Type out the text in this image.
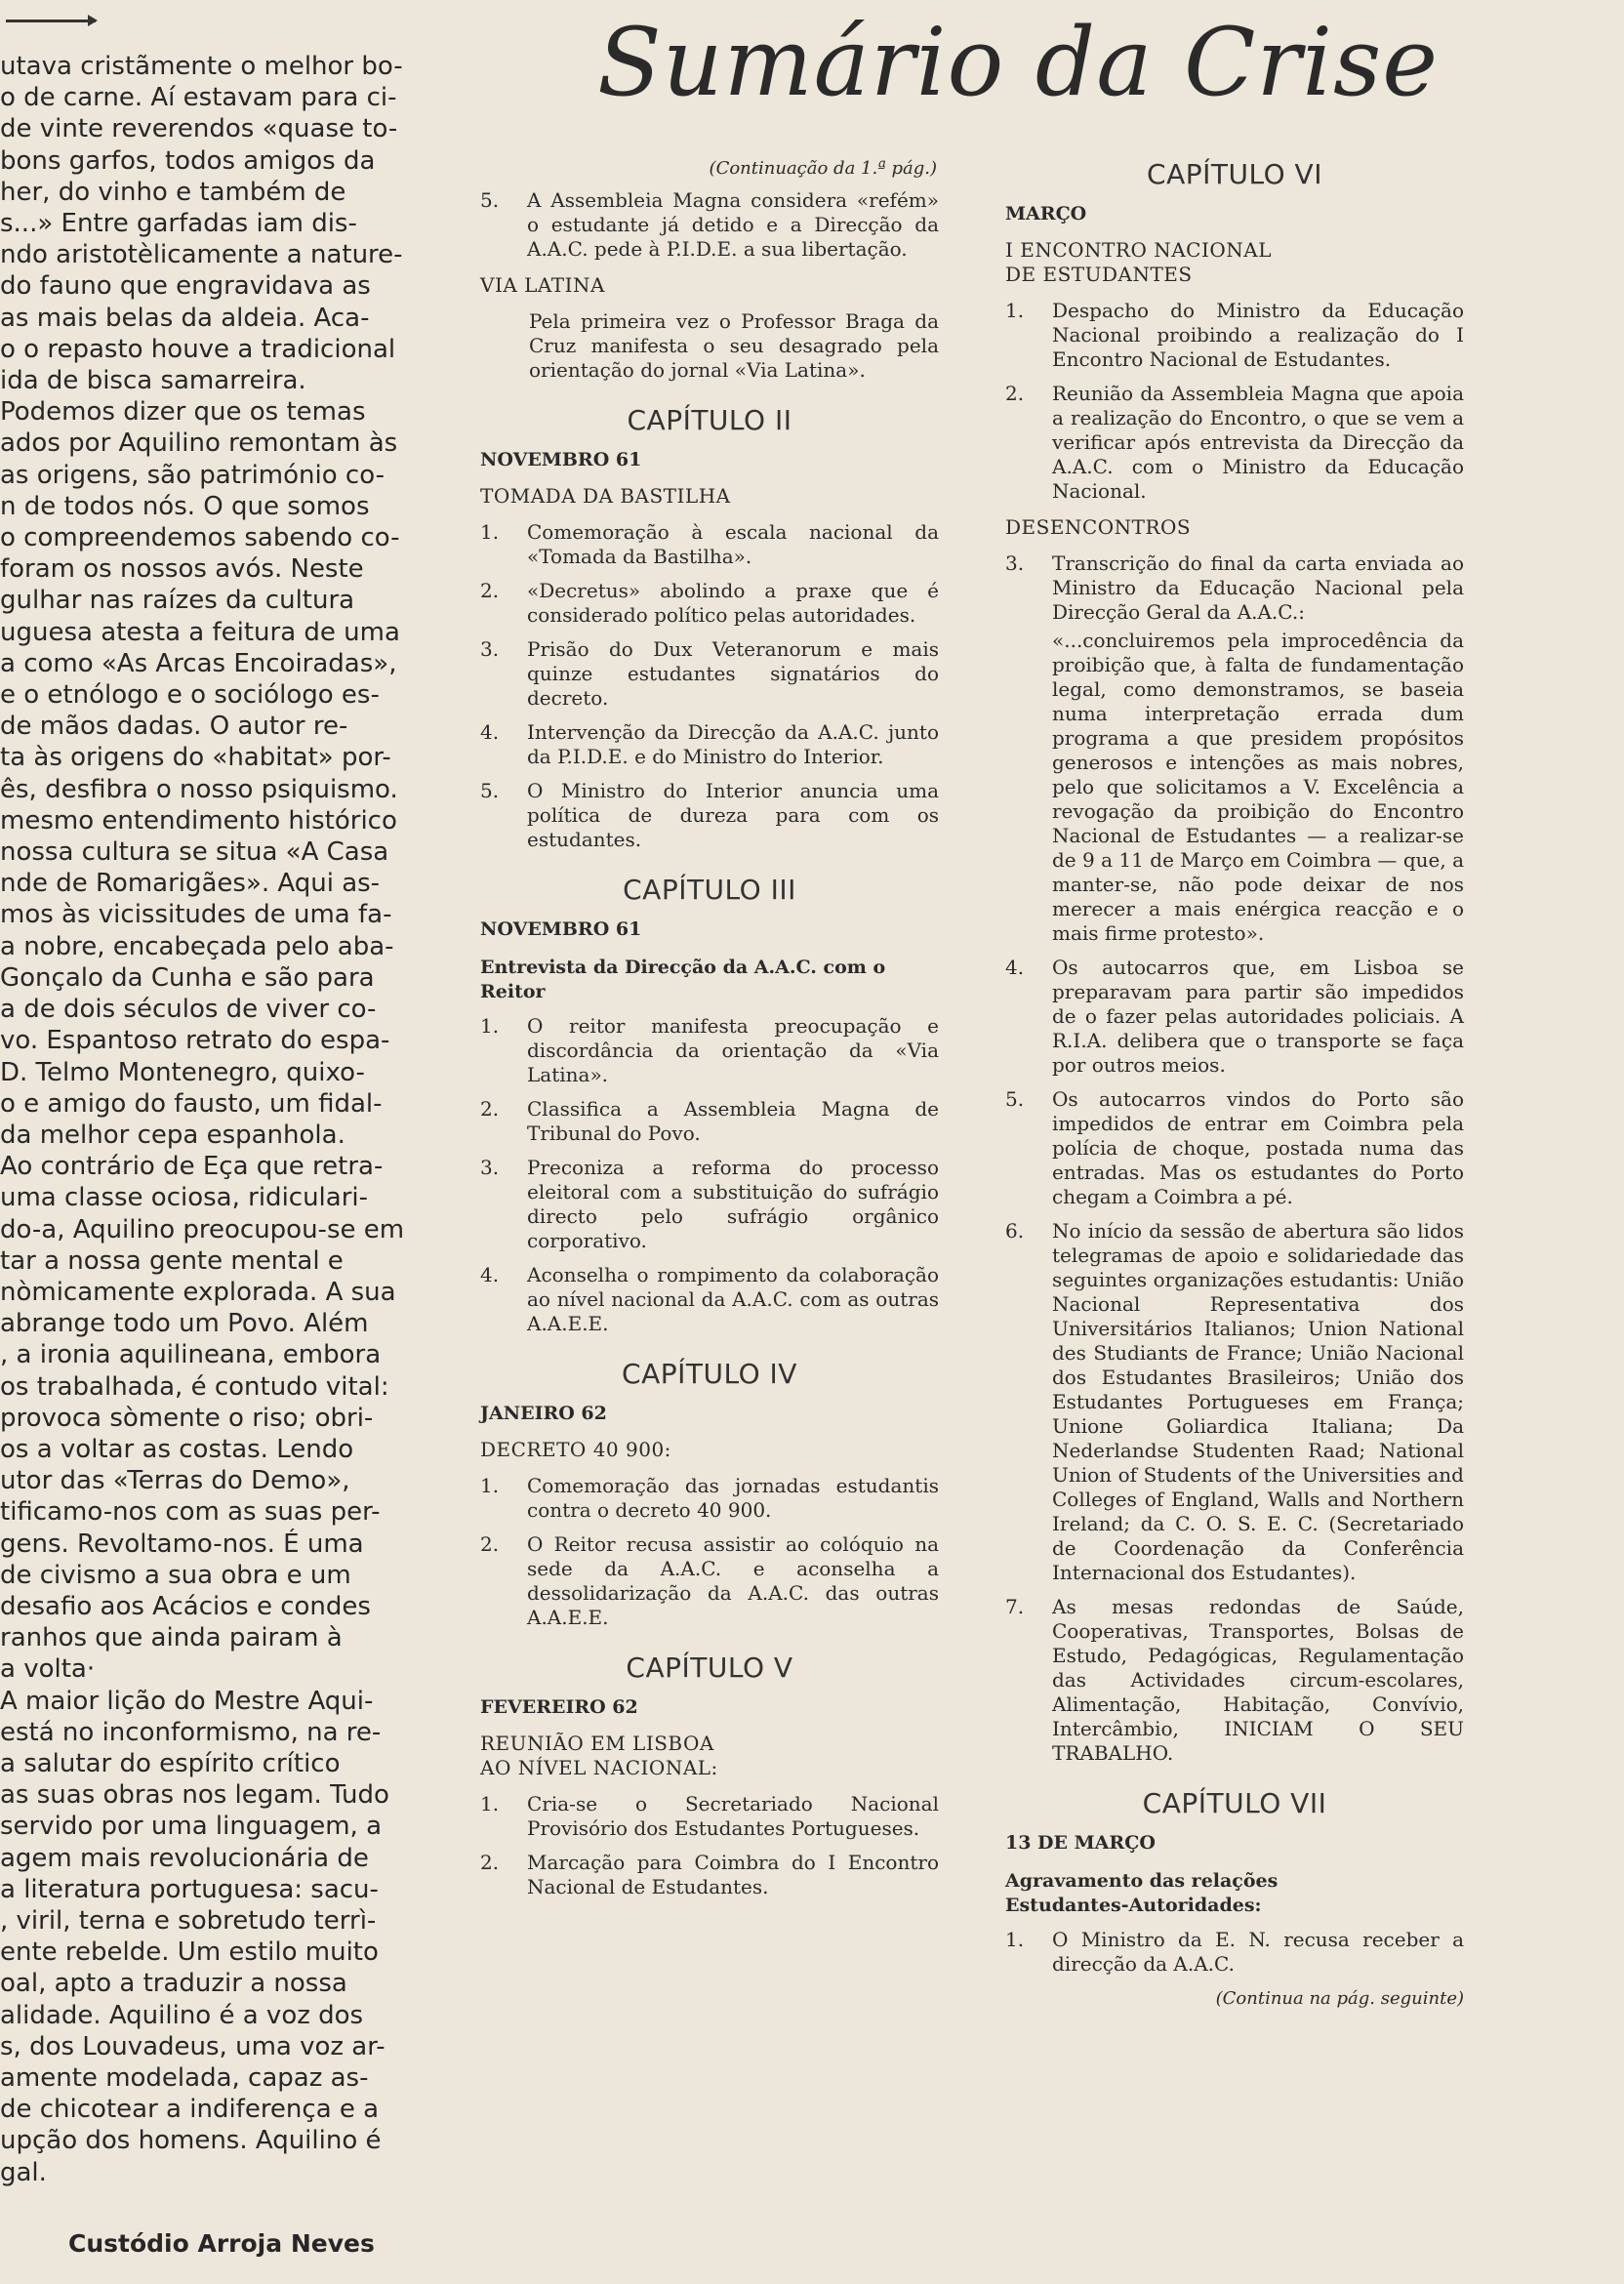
utava cristãmente o melhor bo-
o de carne. Aí estavam para ci-
de vinte reverendos «quase to-
bons garfos, todos amigos da
her, do vinho e também de
s...» Entre garfadas iam dis-
ndo aristotèlicamente a nature-
do fauno que engravidava as
as mais belas da aldeia. Aca-
o o repasto houve a tradicional
ida de bisca samarreira.
Podemos dizer que os temas
ados por Aquilino remontam às
as origens, são património co-
n de todos nós. O que somos
o compreendemos sabendo co-
foram os nossos avós. Neste
gulhar nas raízes da cultura
uguesa atesta a feitura de uma
a como «As Arcas Encoiradas»,
e o etnólogo e o sociólogo es-
de mãos dadas. O autor re-
ta às origens do «habitat» por-
ês, desfibra o nosso psiquismo.
mesmo entendimento histórico
nossa cultura se situa «A Casa
nde de Romarigães». Aqui as-
mos às vicissitudes de uma fa-
a nobre, encabeçada pelo aba-
Gonçalo da Cunha e são para
a de dois séculos de viver co-
vo. Espantoso retrato do espa-
D. Telmo Montenegro, quixo-
o e amigo do fausto, um fidal-
da melhor cepa espanhola.
Ao contrário de Eça que retra-
uma classe ociosa, ridiculari-
do-a, Aquilino preocupou-se em
tar a nossa gente mental e
nòmicamente explorada. A sua
abrange todo um Povo. Além
, a ironia aquilineana, embora
os trabalhada, é contudo vital:
provoca sòmente o riso; obri-
os a voltar as costas. Lendo
utor das «Terras do Demo»,
tificamo-nos com as suas per-
gens. Revoltamo-nos. É uma
de civismo a sua obra e um
desafio aos Acácios e condes
ranhos que ainda pairam à
a volta·
A maior lição do Mestre Aqui-
está no inconformismo, na re-
a salutar do espírito crítico
as suas obras nos legam. Tudo
servido por uma linguagem, a
agem mais revolucionária de
a literatura portuguesa: sacu-
, viril, terna e sobretudo terrì-
ente rebelde. Um estilo muito
oal, apto a traduzir a nossa
alidade. Aquilino é a voz dos
s, dos Louvadeus, uma voz ar-
amente modelada, capaz as-
de chicotear a indiferença e a
upção dos homens. Aquilino é
gal.
Custódio Arroja Neves
Sumário da Crise
(Continuação da 1.ª pág.)
5. A Assembleia Magna considera «refém» o estudante já detido e a Direcção da A.A.C. pede à P.I.D.E. a sua libertação.
VIA LATINA
Pela primeira vez o Professor Braga da Cruz manifesta o seu desagrado pela orientação do jornal «Via Latina».
CAPÍTULO II
NOVEMBRO 61
TOMADA DA BASTILHA
1. Comemoração à escala nacional da «Tomada da Bastilha».
2. «Decretus» abolindo a praxe que é considerado político pelas autoridades.
3. Prisão do Dux Veteranorum e mais quinze estudantes signatários do decreto.
4. Intervenção da Direcção da A.A.C. junto da P.I.D.E. e do Ministro do Interior.
5. O Ministro do Interior anuncia uma política de dureza para com os estudantes.
CAPÍTULO III
NOVEMBRO 61
Entrevista da Direcção da A.A.C. com o Reitor
1. O reitor manifesta preocupação e discordância da orientação da «Via Latina».
2. Classifica a Assembleia Magna de Tribunal do Povo.
3. Preconiza a reforma do processo eleitoral com a substituição do sufrágio directo pelo sufrágio orgânico corporativo.
4. Aconselha o rompimento da colaboração ao nível nacional da A.A.C. com as outras A.A.E.E.
CAPÍTULO IV
JANEIRO 62
DECRETO 40 900:
1. Comemoração das jornadas estudantis contra o decreto 40 900.
2. O Reitor recusa assistir ao colóquio na sede da A.A.C. e aconselha a dessolidarização da A.A.C. das outras A.A.E.E.
CAPÍTULO V
FEVEREIRO 62
REUNIÃO EM LISBOA
AO NÍVEL NACIONAL:
1. Cria-se o Secretariado Nacional Provisório dos Estudantes Portugueses.
2. Marcação para Coimbra do I Encontro Nacional de Estudantes.
CAPÍTULO VI
MARÇO
I ENCONTRO NACIONAL
DE ESTUDANTES
1. Despacho do Ministro da Educação Nacional proibindo a realização do I Encontro Nacional de Estudantes.
2. Reunião da Assembleia Magna que apoia a realização do Encontro, o que se vem a verificar após entrevista da Direcção da A.A.C. com o Ministro da Educação Nacional.
DESENCONTROS
3. Transcrição do final da carta enviada ao Ministro da Educação Nacional pela Direcção Geral da A.A.C.:
«...concluiremos pela improcedência da proibição que, à falta de fundamentação legal, como demonstramos, se baseia numa interpretação errada dum programa a que presidem propósitos generosos e intenções as mais nobres, pelo que solicitamos a V. Excelência a revogação da proibição do Encontro Nacional de Estudantes — a realizar-se de 9 a 11 de Março em Coimbra — que, a manter-se, não pode deixar de nos merecer a mais enérgica reacção e o mais firme protesto».
4. Os autocarros que, em Lisboa se preparavam para partir são impedidos de o fazer pelas autoridades policiais. A R.I.A. delibera que o transporte se faça por outros meios.
5. Os autocarros vindos do Porto são impedidos de entrar em Coimbra pela polícia de choque, postada numa das entradas. Mas os estudantes do Porto chegam a Coimbra a pé.
6. No início da sessão de abertura são lidos telegramas de apoio e solidariedade das seguintes organizações estudantis: União Nacional Representativa dos Universitários Italianos; Union National des Studiants de France; União Nacional dos Estudantes Brasileiros; União dos Estudantes Portugueses em França; Unione Goliardica Italiana; Da Nederlandse Studenten Raad; National Union of Students of the Universities and Colleges of England, Walls and Northern Ireland; da C. O. S. E. C. (Secretariado de Coordenação da Conferência Internacional dos Estudantes).
7. As mesas redondas de Saúde, Cooperativas, Transportes, Bolsas de Estudo, Pedagógicas, Regulamentação das Actividades circum-escolares, Alimentação, Habitação, Convívio, Intercâmbio, INICIAM O SEU TRABALHO.
CAPÍTULO VII
13 DE MARÇO
Agravamento das relações
Estudantes-Autoridades:
1. O Ministro da E. N. recusa receber a direcção da A.A.C.
(Continua na pág. seguinte)
